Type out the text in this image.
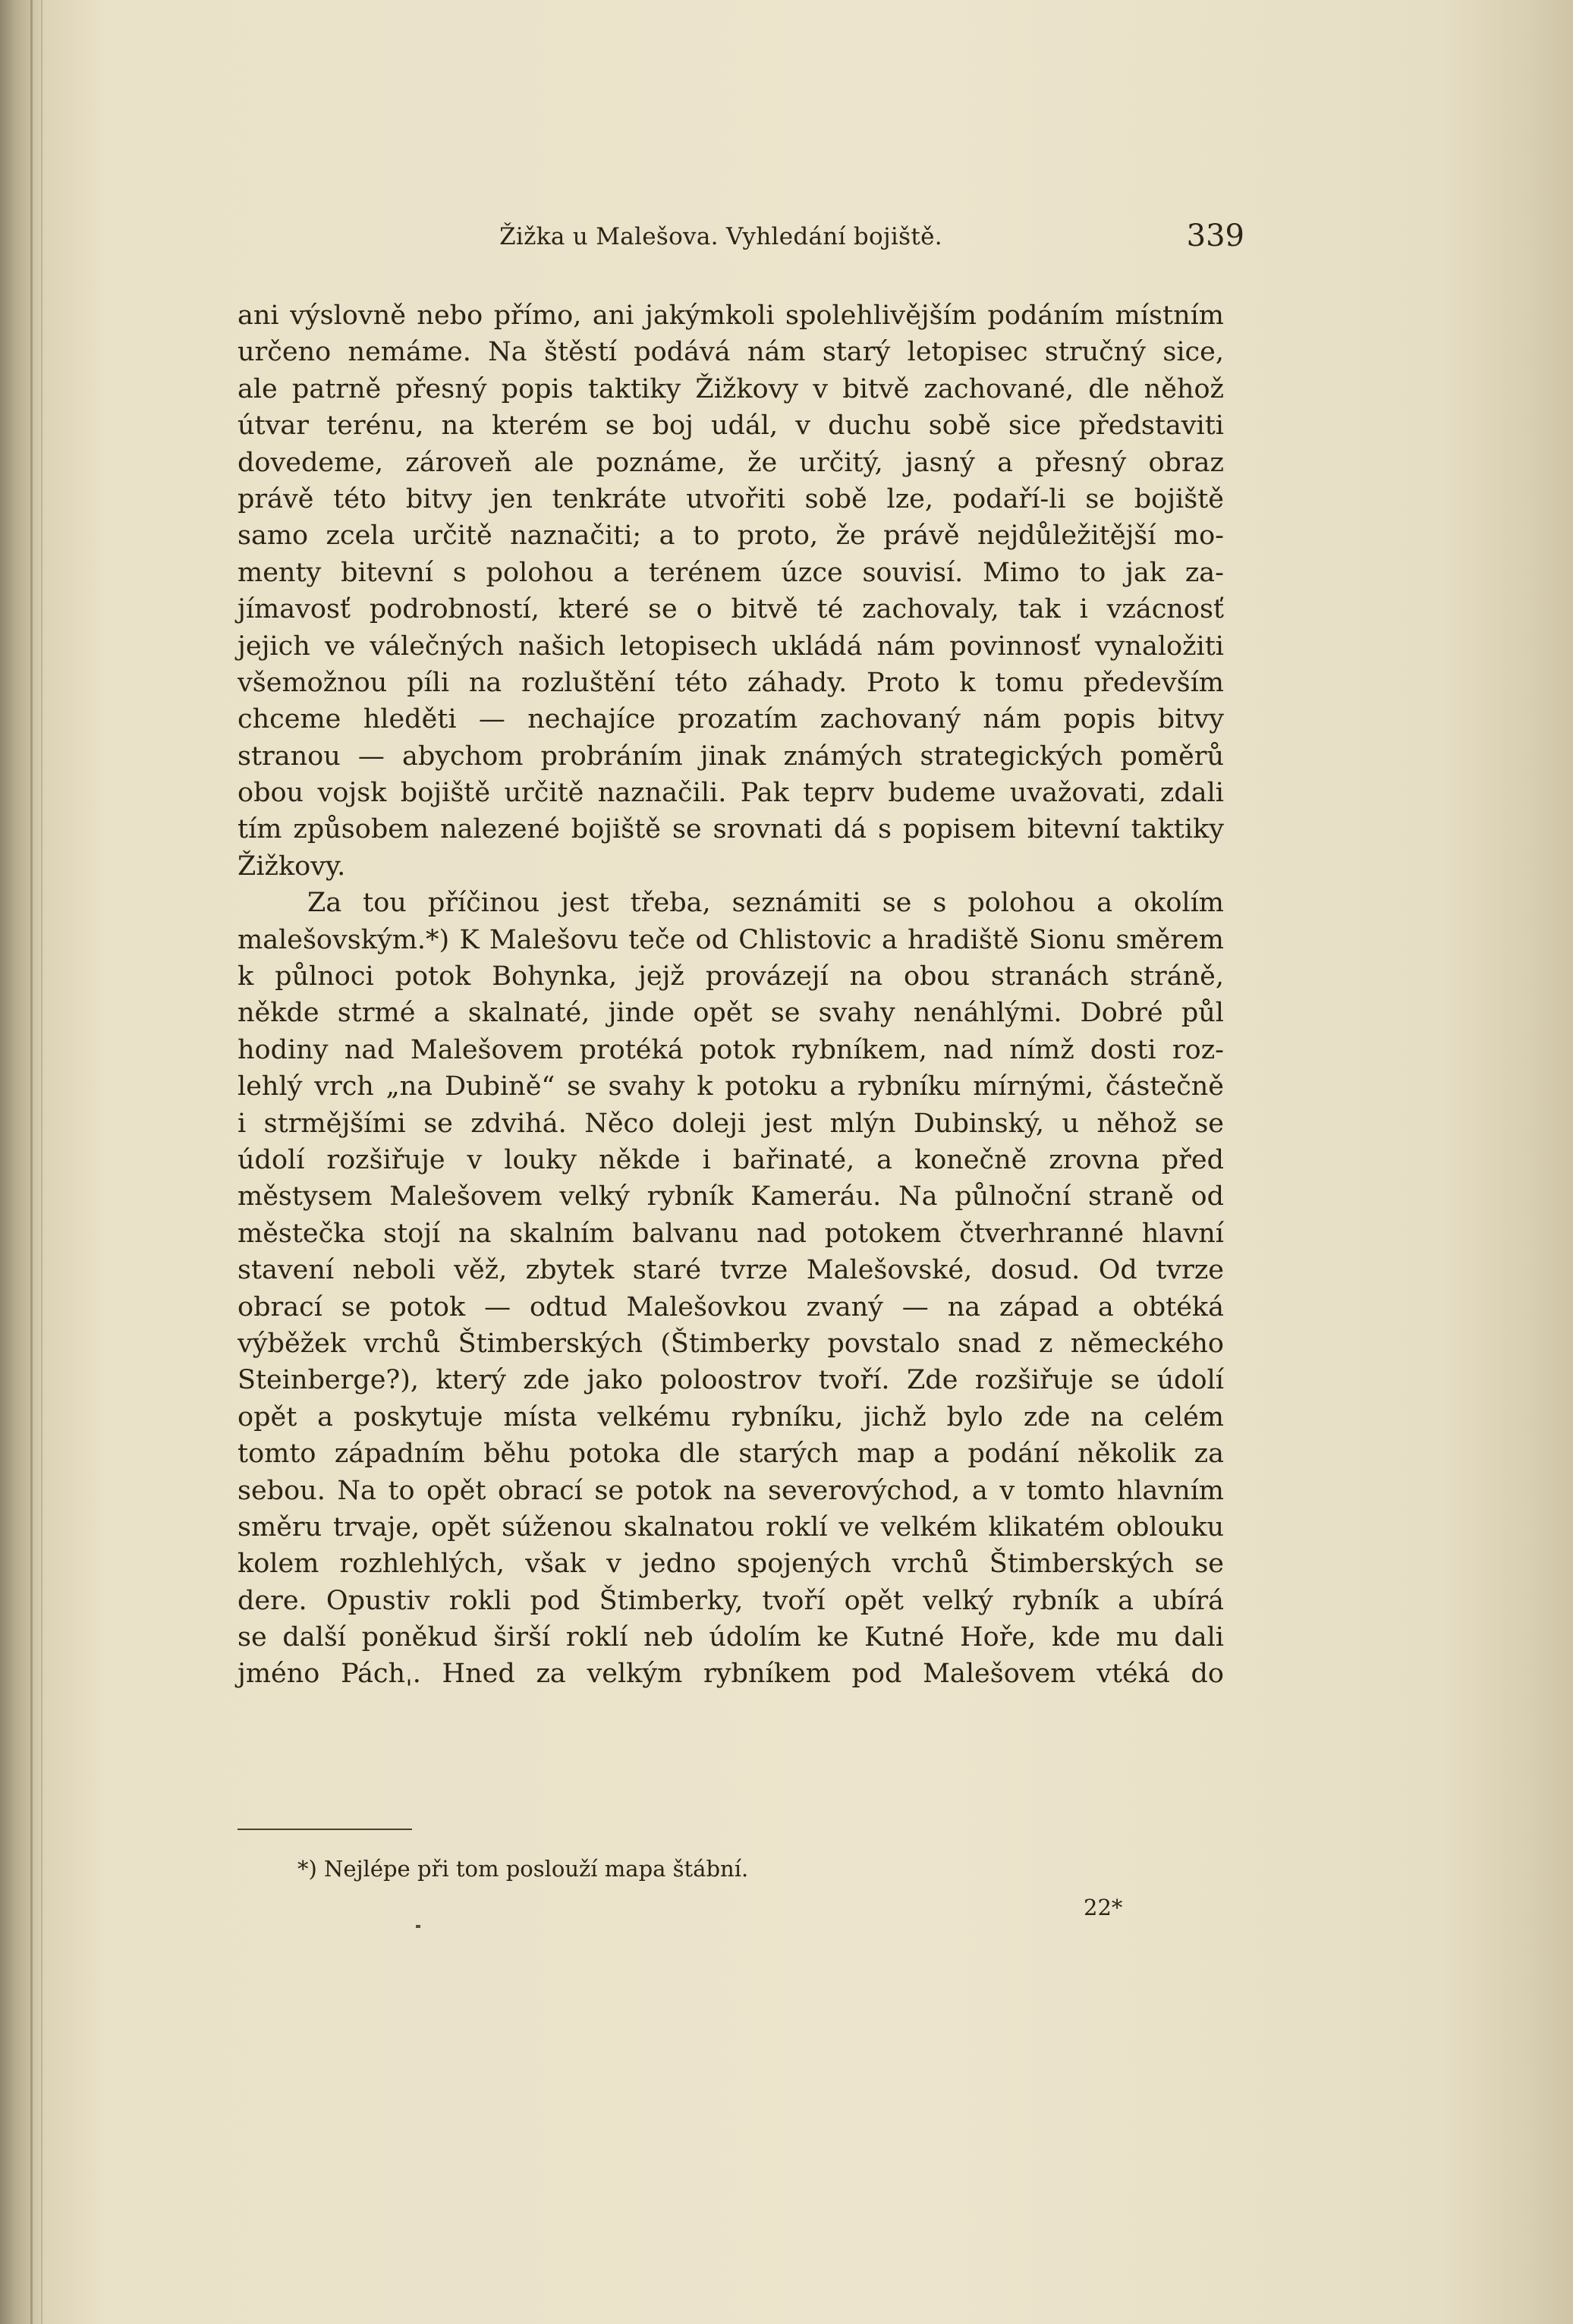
Žižka u Malešova. Vyhledání bojiště.	339
ani výslovně nebo přímo, ani jakýmkoli spolehlivějším podáním místním
určeno nemáme. Na štěstí podává nám starý letopisec stručný sice,
ale patrně přesný popis taktiky Žižkovy v bitvě zachované, dle něhož
útvar terénu, na kterém se boj udál, v duchu sobě sice představiti
dovedeme, zároveň ale poznáme, že určitý, jasný a přesný obraz
právě této bitvy jen tenkráte utvořiti sobě lze, podaří-li se bojiště
samo zcela určitě naznačiti; a to proto, že právě nejdůležitější mo-
menty bitevní s polohou a terénem úzce souvisí. Mimo to jak za-
jímavosť podrobností, které se o bitvě té zachovaly, tak i vzácnosť
jejich ve válečných našich letopisech ukládá nám povinnosť vynaložiti
všemožnou píli na rozluštění této záhady. Proto k tomu především
chceme hleděti — nechajíce prozatím zachovaný nám popis bitvy
stranou — abychom probráním jinak známých strategických poměrů
obou vojsk bojiště určitě naznačili. Pak teprv budeme uvažovati, zdali
tím způsobem nalezené bojiště se srovnati dá s popisem bitevní taktiky
Žižkovy.
Za tou příčinou jest třeba, seznámiti se s polohou a okolím
malešovským.*) K Malešovu teče od Chlistovic a hradiště Sionu směrem
k půlnoci potok Bohynka, jejž provázejí na obou stranách stráně,
někde strmé a skalnaté, jinde opět se svahy nenáhlými. Dobré půl
hodiny nad Malešovem protéká potok rybníkem, nad nímž dosti roz-
lehlý vrch „na Dubině“ se svahy k potoku a rybníku mírnými, částečně
i strmějšími se zdvihá. Něco doleji jest mlýn Dubinský, u něhož se
údolí rozšiřuje v louky někde i bařinaté, a konečně zrovna před
městysem Malešovem velký rybník Kameráu. Na půlnoční straně od
městečka stojí na skalním balvanu nad potokem čtverhranné hlavní
stavení neboli věž, zbytek staré tvrze Malešovské, dosud. Od tvrze
obrací se potok — odtud Malešovkou zvaný — na západ a obtéká
výběžek vrchů Štimberských (Štimberky povstalo snad z německého
Steinberge?), který zde jako poloostrov tvoří. Zde rozšiřuje se údolí
opět a poskytuje místa velkému rybníku, jichž bylo zde na celém
tomto západním běhu potoka dle starých map a podání několik za
sebou. Na to opět obrací se potok na severovýchod, a v tomto hlavním
směru trvaje, opět súženou skalnatou roklí ve velkém klikatém oblouku
kolem rozhlehlých, však v jedno spojených vrchů Štimberských se
dere. Opustiv rokli pod Štimberky, tvoří opět velký rybník a ubírá
se další poněkud širší roklí neb údolím ke Kutné Hoře, kde mu dali
jméno Páchˌ. Hned za velkým rybníkem pod Malešovem vtéká do
*) Nejlépe při tom poslouží mapa štábní.
22*
